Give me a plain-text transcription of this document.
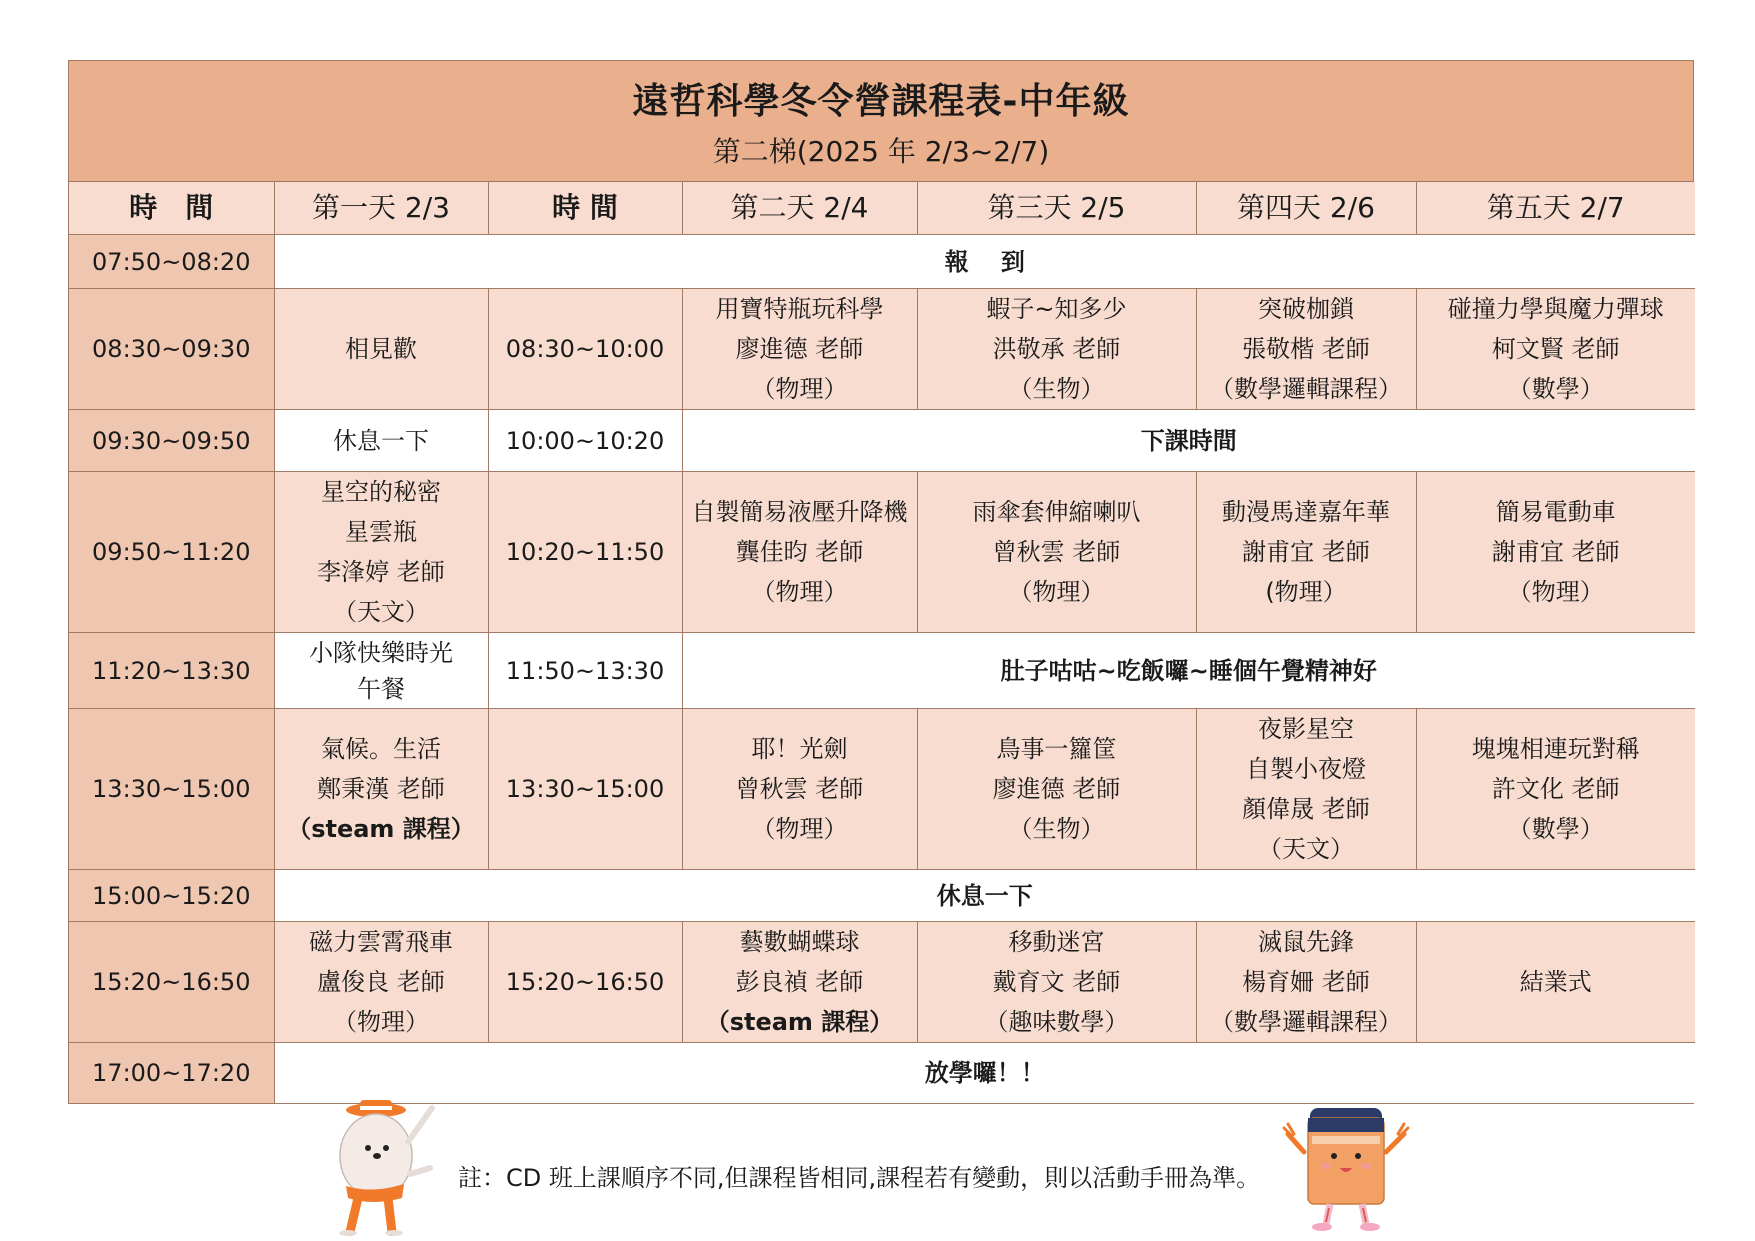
遠哲科學冬令營課程表-中年級
第二梯(2025 年 2/3~2/7)
時　間	第一天 2/3	時 間	第二天 2/4	第三天 2/5	第四天 2/6	第五天 2/7
07:50~08:20	報　 到					
08:30~09:30	相見歡	08:30~10:00	用寶特瓶玩科學
廖進德 老師
（物理）	蝦子~知多少
洪敬承 老師
（生物）	突破枷鎖
張敬楷 老師
（數學邏輯課程）	碰撞力學與魔力彈球
柯文賢 老師
（數學）

09:30~09:50	休息一下	10:00~10:20	下課時間			
09:50~11:20	星空的秘密
星雲瓶
李浲婷 老師
（天文）	10:20~11:50	自製簡易液壓升降機
龔佳昀 老師
（物理）	雨傘套伸縮喇叭
曾秋雲 老師
（物理）	動漫馬達嘉年華
謝甫宜 老師
(物理）	簡易電動車
謝甫宜 老師
（物理）

11:20~13:30	小隊快樂時光
午餐	11:50~13:30	肚子咕咕~吃飯囉~睡個午覺精神好			
13:30~15:00	氣候。生活
鄭秉漢 老師
（steam 課程）	13:30~15:00	耶！光劍
曾秋雲 老師
（物理）	鳥事一籮筐
廖進德 老師
（生物）	夜影星空
自製小夜燈
顏偉晟 老師
（天文）	塊塊相連玩對稱
許文化 老師
（數學）

15:00~15:20	休息一下					
15:20~16:50	磁力雲霄飛車
盧俊良 老師
（物理）	15:20~16:50	藝數蝴蝶球
彭良禎 老師
（steam 課程）	移動迷宮
戴育文 老師
（趣味數學）	滅鼠先鋒
楊育姍 老師
（數學邏輯課程）	結業式

17:00~17:20	放學囉！！					
註：CD 班上課順序不同,但課程皆相同,課程若有變動，則以活動手冊為準。
